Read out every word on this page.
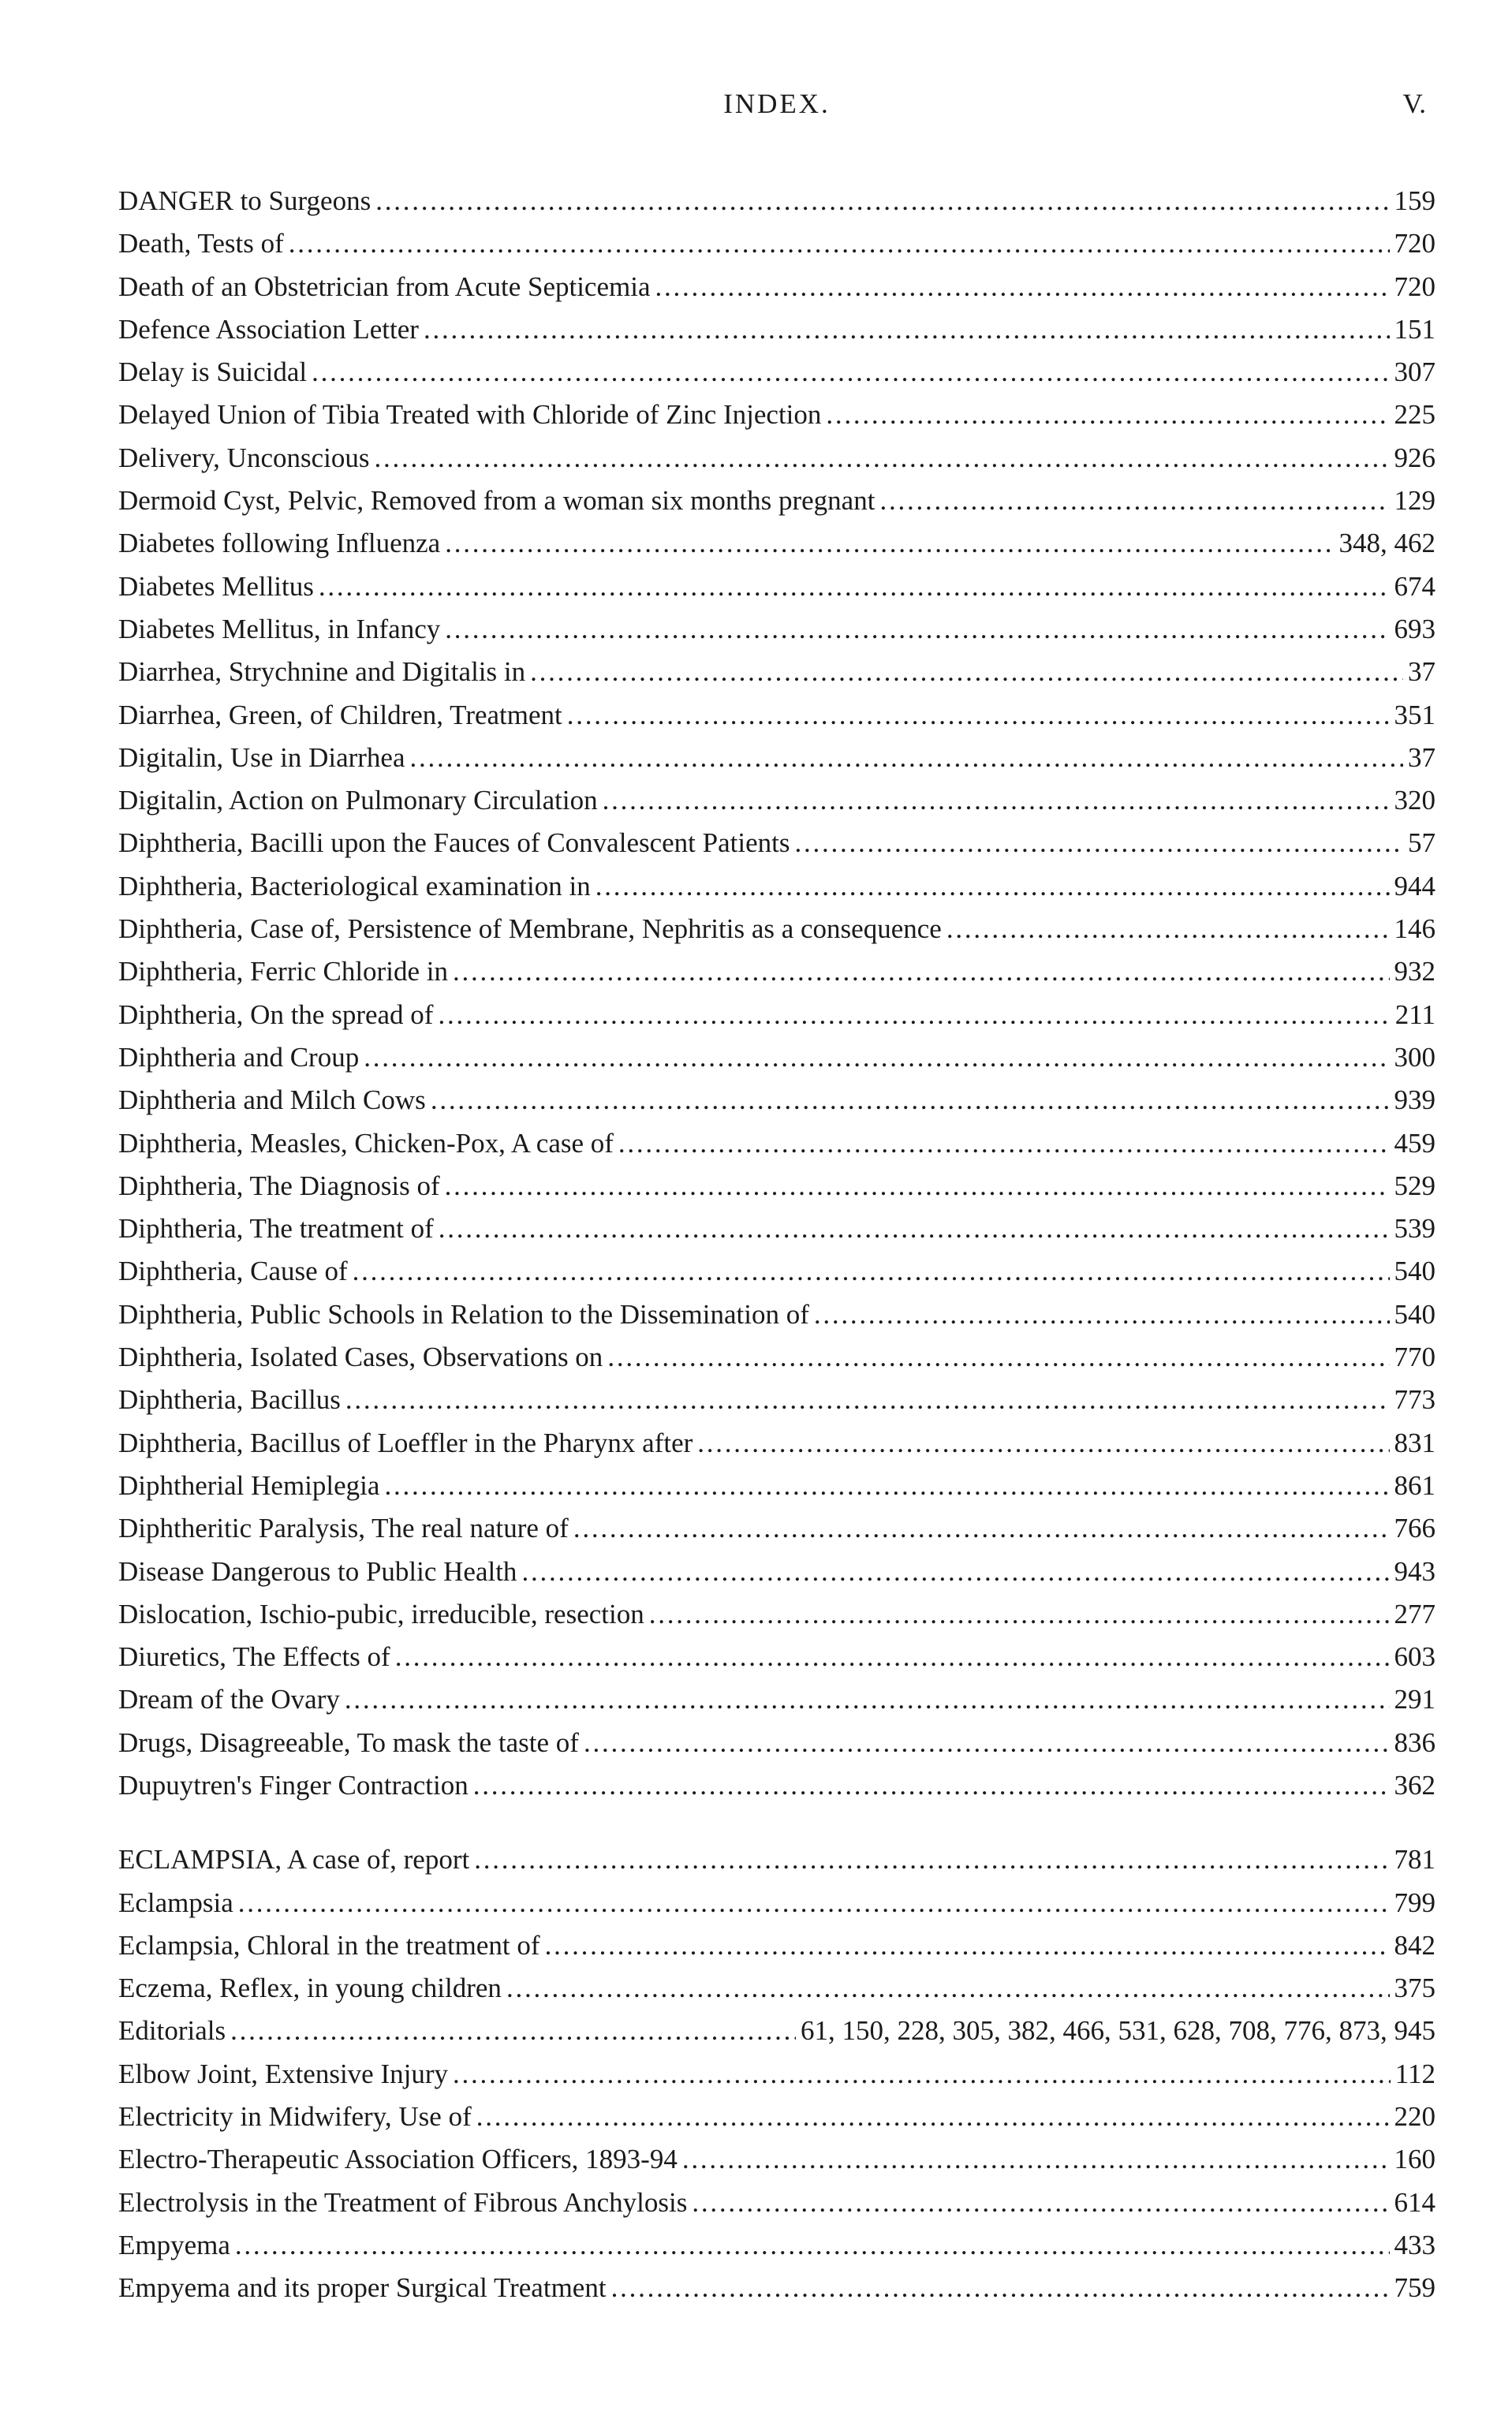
INDEX.	V.
DANGER to Surgeons . . .	159
Death, Tests of . . .	720
Death of an Obstetrician from Acute Septicemia . . .	720
Defence Association Letter . . .	151
Delay is Suicidal . . .	307
Delayed Union of Tibia Treated with Chloride of Zinc Injection . . .	225
Delivery, Unconscious . . .	926
Dermoid Cyst, Pelvic, Removed from a woman six months pregnant . . .	129
Diabetes following Influenza . . .	348, 462
Diabetes Mellitus . . .	674
Diabetes Mellitus, in Infancy . . .	693
Diarrhea, Strychnine and Digitalis in . . .	37
Diarrhea, Green, of Children, Treatment . . .	351
Digitalin, Use in Diarrhea . . .	37
Digitalin, Action on Pulmonary Circulation . . .	320
Diphtheria, Bacilli upon the Fauces of Convalescent Patients . . .	57
Diphtheria, Bacteriological examination in . . .	944
Diphtheria, Case of, Persistence of Membrane, Nephritis as a consequence . . .	146
Diphtheria, Ferric Chloride in . . .	932
Diphtheria, On the spread of . . .	211
Diphtheria and Croup . . .	300
Diphtheria and Milch Cows . . .	939
Diphtheria, Measles, Chicken-Pox, A case of . . .	459
Diphtheria, The Diagnosis of . . .	529
Diphtheria, The treatment of . . .	539
Diphtheria, Cause of . . .	540
Diphtheria, Public Schools in Relation to the Dissemination of . . .	540
Diphtheria, Isolated Cases, Observations on . . .	770
Diphtheria, Bacillus . . .	773
Diphtheria, Bacillus of Loeffler in the Pharynx after . . .	831
Diphtherial Hemiplegia . . .	861
Diphtheritic Paralysis, The real nature of . . .	766
Disease Dangerous to Public Health . . .	943
Dislocation, Ischio-pubic, irreducible, resection . . .	277
Diuretics, The Effects of . . .	603
Dream of the Ovary . . .	291
Drugs, Disagreeable, To mask the taste of . . .	836
Dupuytren's Finger Contraction . . .	362
ECLAMPSIA, A case of, report . . .	781
Eclampsia . . .	799
Eclampsia, Chloral in the treatment of . . .	842
Eczema, Reflex, in young children . . .	375
Editorials . . .	61, 150, 228, 305, 382, 466, 531, 628, 708, 776, 873, 945
Elbow Joint, Extensive Injury . . .	112
Electricity in Midwifery, Use of . . .	220
Electro-Therapeutic Association Officers, 1893-94 . . .	160
Electrolysis in the Treatment of Fibrous Anchylosis . . .	614
Empyema . . .	433
Empyema and its proper Surgical Treatment . . .	759
